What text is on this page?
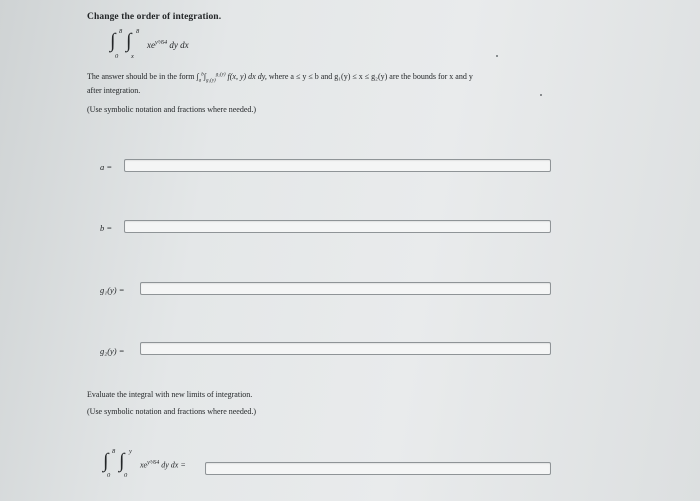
Change the order of integration.
∫ 8
0
∫ 8
x
$xe^{y^3/64}$ dy dx
The answer should be in the form $\int_a^b\int_{g_1(y)}^{g_2(y)}$ f(x, y) dx dy, where a ≤ y ≤ b and g₁(y) ≤ x ≤ g₂(y) are the bounds for x and y
after integration.
(Use symbolic notation and fractions where needed.)
a =
b =
g₁(y) =
g₂(y) =
Evaluate the integral with new limits of integration.
(Use symbolic notation and fractions where needed.)
∫ 8
0
∫ y
0
$xe^{y^3/64}$ dy dx =
